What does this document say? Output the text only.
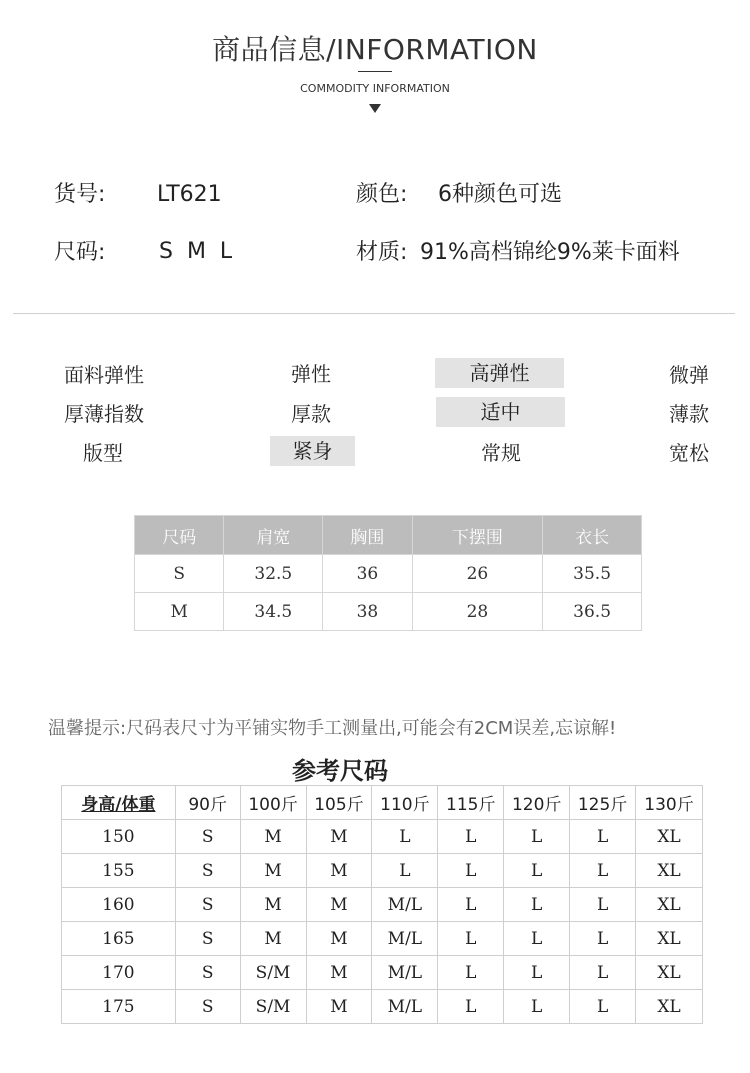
商品信息/INFORMATION
COMMODITY INFORMATION
货号: LT621	颜色: 6种颜色可选
尺码: S  M  L	材质: 91%高档锦纶9%莱卡面料
面料弹性	弹性	高弹性	微弹
厚薄指数	厚款	适中	薄款
版型	紧身	常规	宽松
尺码	肩宽	胸围	下摆围	衣长
S	32.5	36	26	35.5
M	34.5	38	28	36.5
温馨提示:尺码表尺寸为平铺实物手工测量出,可能会有2CM误差,忘谅解!
参考尺码
身高/体重	90斤	100斤	105斤	110斤	115斤	120斤	125斤	130斤
150	S	M	M	L	L	L	L	XL
155	S	M	M	L	L	L	L	XL
160	S	M	M	M/L	L	L	L	XL
165	S	M	M	M/L	L	L	L	XL
170	S	S/M	M	M/L	L	L	L	XL
175	S	S/M	M	M/L	L	L	L	XL
